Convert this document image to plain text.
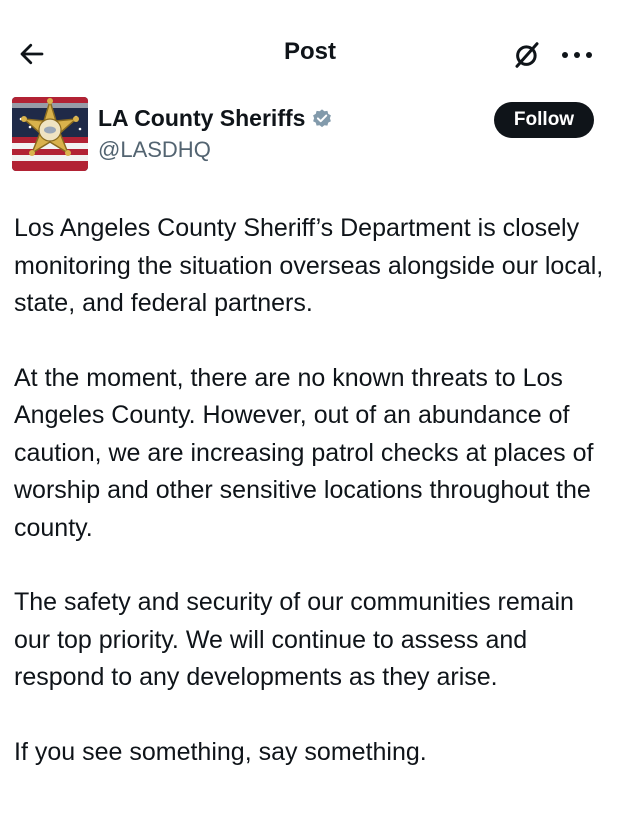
Post
LA County Sheriffs
@LASDHQ
Follow

Los Angeles County Sheriff’s Department is closely monitoring the situation overseas alongside our local, state, and federal partners.

At the moment, there are no known threats to Los Angeles County. However, out of an abundance of caution, we are increasing patrol checks at places of worship and other sensitive locations throughout the county.

The safety and security of our communities remain our top priority. We will continue to assess and respond to any developments as they arise.

If you see something, say something.
